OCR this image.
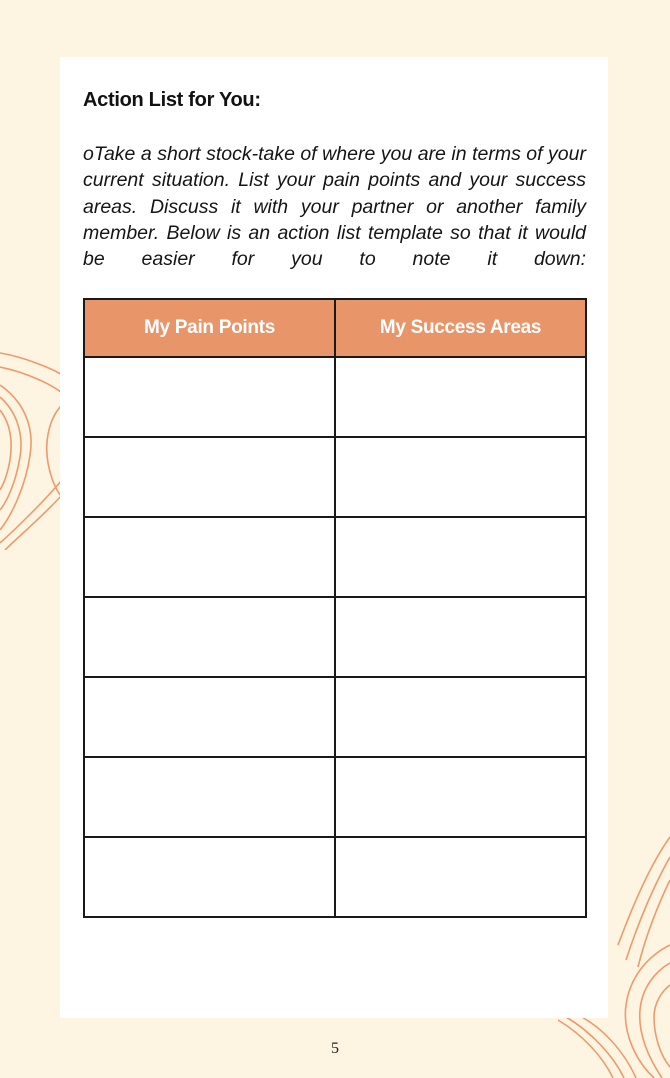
Action List for You:
oTake a short stock-take of where you are in terms of your current situation. List your pain points and your success areas. Discuss it with your partner or another family member. Below is an action list template so that it would be easier for you to note it down:
My Pain Points	My Success Areas

5
